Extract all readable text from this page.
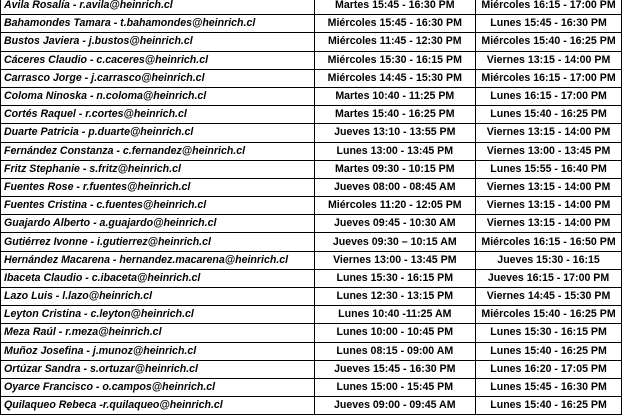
Ávila Rosalía - r.avila@heinrich.cl	Martes 15:45 - 16:30 PM	Miércoles 16:15 - 17:00 PM
Bahamondes Tamara - t.bahamondes@heinrich.cl	Miércoles 15:45 - 16:30 PM	Lunes 15:45 - 16:30 PM
Bustos Javiera - j.bustos@heinrich.cl	Miércoles 11:45 - 12:30 PM	Miércoles 15:40 - 16:25 PM
Cáceres Claudio - c.caceres@heinrich.cl	Miércoles 15:30 - 16:15 PM	Viernes 13:15 - 14:00 PM
Carrasco Jorge - j.carrasco@heinrich.cl	Miércoles 14:45 - 15:30 PM	Miércoles 16:15 - 17:00 PM
Coloma Ninoska - n.coloma@heinrich.cl	Martes 10:40 - 11:25 PM	Lunes 16:15 - 17:00 PM
Cortés Raquel - r.cortes@heinrich.cl	Martes 15:40 - 16:25 PM	Lunes 15:40 - 16:25 PM
Duarte Patricia - p.duarte@heinrich.cl	Jueves 13:10 - 13:55 PM	Viernes 13:15 - 14:00 PM
Fernández Constanza - c.fernandez@heinrich.cl	Lunes 13:00 - 13:45 PM	Viernes 13:00 - 13:45 PM
Fritz Stephanie - s.fritz@heinrich.cl	Martes 09:30 - 10:15 PM	Lunes 15:55 - 16:40 PM
Fuentes Rose - r.fuentes@heinrich.cl	Jueves 08:00 - 08:45 AM	Viernes 13:15 - 14:00 PM
Fuentes Cristina - c.fuentes@heinrich.cl	Miércoles 11:20 - 12:05 PM	Viernes 13:15 - 14:00 PM
Guajardo Alberto - a.guajardo@heinrich.cl	Jueves 09:45 - 10:30 AM	Viernes 13:15 - 14:00 PM
Gutiérrez Ivonne - i.gutierrez@heinrich.cl	Jueves 09:30 – 10:15 AM	Miércoles 16:15 - 16:50 PM
Hernández Macarena - hernandez.macarena@heinrich.cl	Viernes 13:00 - 13:45 PM	Jueves 15:30 - 16:15
Ibaceta Claudio - c.ibaceta@heinrich.cl	Lunes 15:30 - 16:15 PM	Jueves 16:15 - 17:00 PM
Lazo Luis - l.lazo@heinrich.cl	Lunes 12:30 - 13:15 PM	Viernes 14:45 - 15:30 PM
Leyton Cristina - c.leyton@heinrich.cl	Lunes 10:40 -11:25 AM	Miércoles 15:40 - 16:25 PM
Meza Raúl - r.meza@heinrich.cl	Lunes 10:00 - 10:45 PM	Lunes 15:30 - 16:15 PM
Muñoz Josefina - j.munoz@heinrich.cl	Lunes 08:15 - 09:00 AM	Lunes 15:40 - 16:25 PM
Ortúzar Sandra - s.ortuzar@heinrich.cl	Jueves 15:45 - 16:30 PM	Lunes 16:20 - 17:05 PM
Oyarce Francisco - o.campos@heinrich.cl	Lunes 15:00 - 15:45 PM	Lunes 15:45 - 16:30 PM
Quilaqueo Rebeca -r.quilaqueo@heinrich.cl	Jueves 09:00 - 09:45 AM	Lunes 15:40 - 16:25 PM
